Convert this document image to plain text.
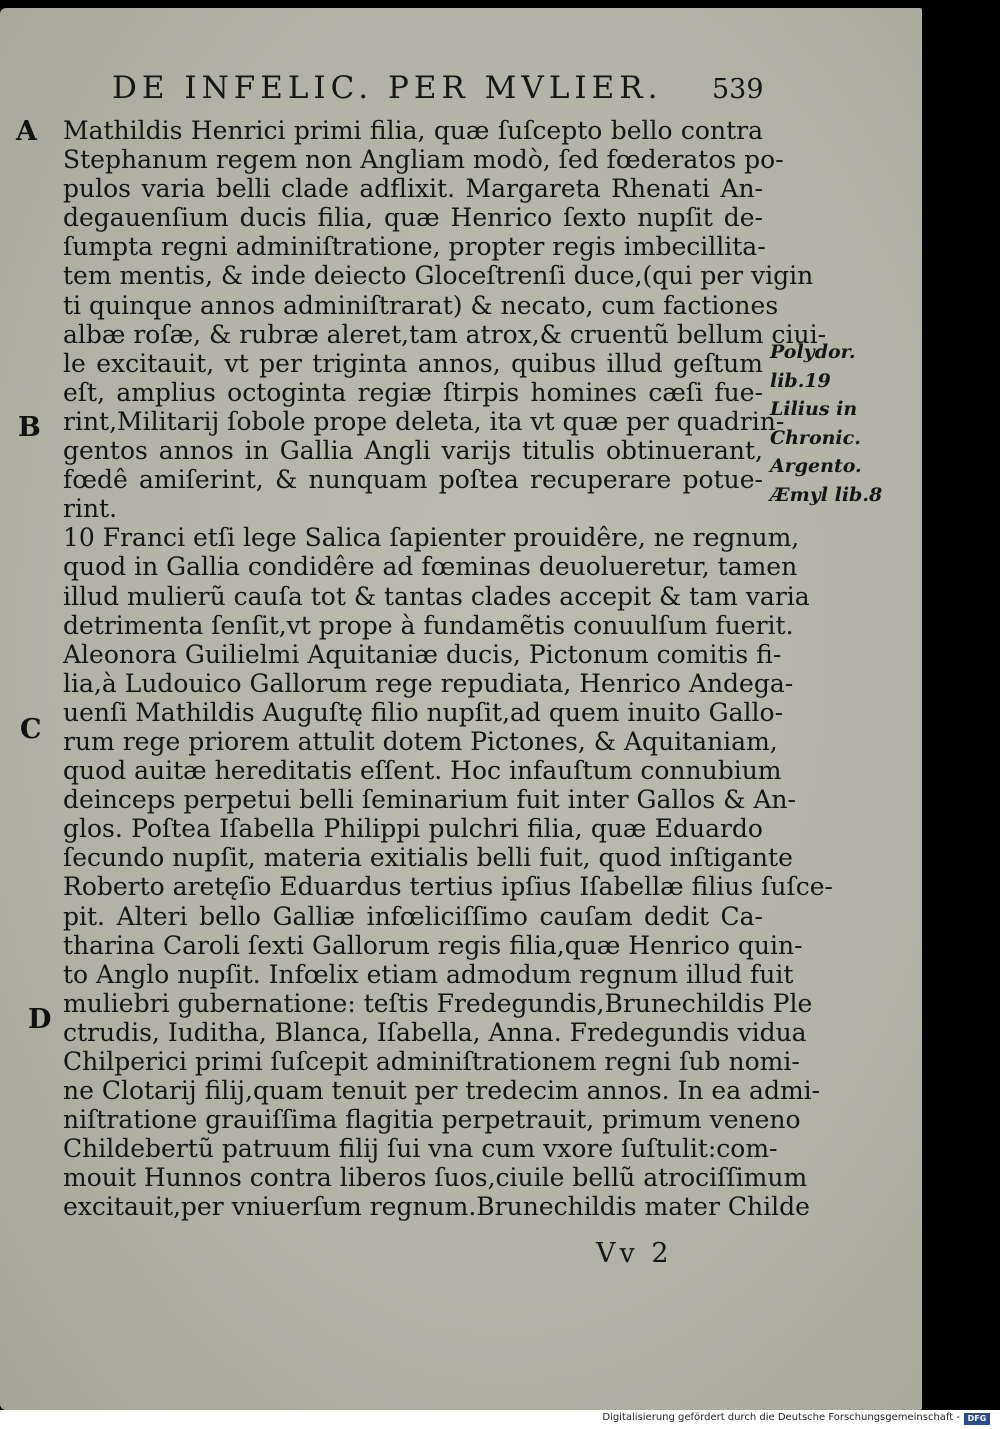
DE INFELIC. PER MVLIER. 539
A
B
C
D
Mathildis Henrici primi filia, quæ ſuſcepto bello contra
Stephanum regem non Angliam modò, ſed fœderatos po-
pulos varia belli clade adflixit. Margareta Rhenati An-
degauenſium ducis filia, quæ Henrico ſexto nupſit de-
ſumpta regni adminiſtratione, propter regis imbecillita-
tem mentis, & inde deiecto Gloceſtrenſi duce,(qui per vigin
ti quinque annos adminiſtrarat) & necato, cum factiones
albæ roſæ, & rubræ aleret,tam atrox,& cruentũ bellum ciui-
le excitauit, vt per triginta annos, quibus illud geſtum
eſt, amplius octoginta regiæ ſtirpis homines cæſi fue-
rint,Militarij ſobole prope deleta, ita vt quæ per quadrin-
gentos annos in Gallia Angli varijs titulis obtinuerant,
fœdê amiſerint, & nunquam poſtea recuperare potue-
rint.
10 Franci etſi lege Salica ſapienter prouidêre, ne regnum,
quod in Gallia condidêre ad fœminas deuolueretur, tamen
illud mulierũ cauſa tot & tantas clades accepit & tam varia
detrimenta ſenſit,vt prope à fundamẽtis conuulſum fuerit.
Aleonora Guilielmi Aquitaniæ ducis, Pictonum comitis fi-
lia,à Ludouico Gallorum rege repudiata, Henrico Andega-
uenſi Mathildis Auguſtę filio nupſit,ad quem inuito Gallo-
rum rege priorem attulit dotem Pictones, & Aquitaniam,
quod auitæ hereditatis eſſent. Hoc infauſtum connubium
deinceps perpetui belli ſeminarium fuit inter Gallos & An-
glos. Poſtea Iſabella Philippi pulchri filia, quæ Eduardo
ſecundo nupſit, materia exitialis belli fuit, quod inſtigante
Roberto aretęſio Eduardus tertius ipſius Iſabellæ filius ſuſce-
pit. Alteri bello Galliæ infœliciſſimo cauſam dedit Ca-
tharina Caroli ſexti Gallorum regis filia,quæ Henrico quin-
to Anglo nupſit. Infœlix etiam admodum regnum illud fuit
muliebri gubernatione: teſtis Fredegundis,Brunechildis Ple
ctrudis, Iuditha, Blanca, Iſabella, Anna. Fredegundis vidua
Chilperici primi ſuſcepit adminiſtrationem regni ſub nomi-
ne Clotarij filij,quam tenuit per tredecim annos. In ea admi-
niſtratione grauiſſima flagitia perpetrauit, primum veneno
Childebertũ patruum filij ſui vna cum vxore ſuſtulit:com-
mouit Hunnos contra liberos ſuos,ciuile bellũ atrociſſimum
excitauit,per vniuerſum regnum.Brunechildis mater Childe
Polydor.
lib.19
Lilius in
Chronic.
Argento.
Æmyl lib.8
Vv 2
Digitalisierung gefördert durch die Deutsche Forschungsgemeinschaft - DFG
